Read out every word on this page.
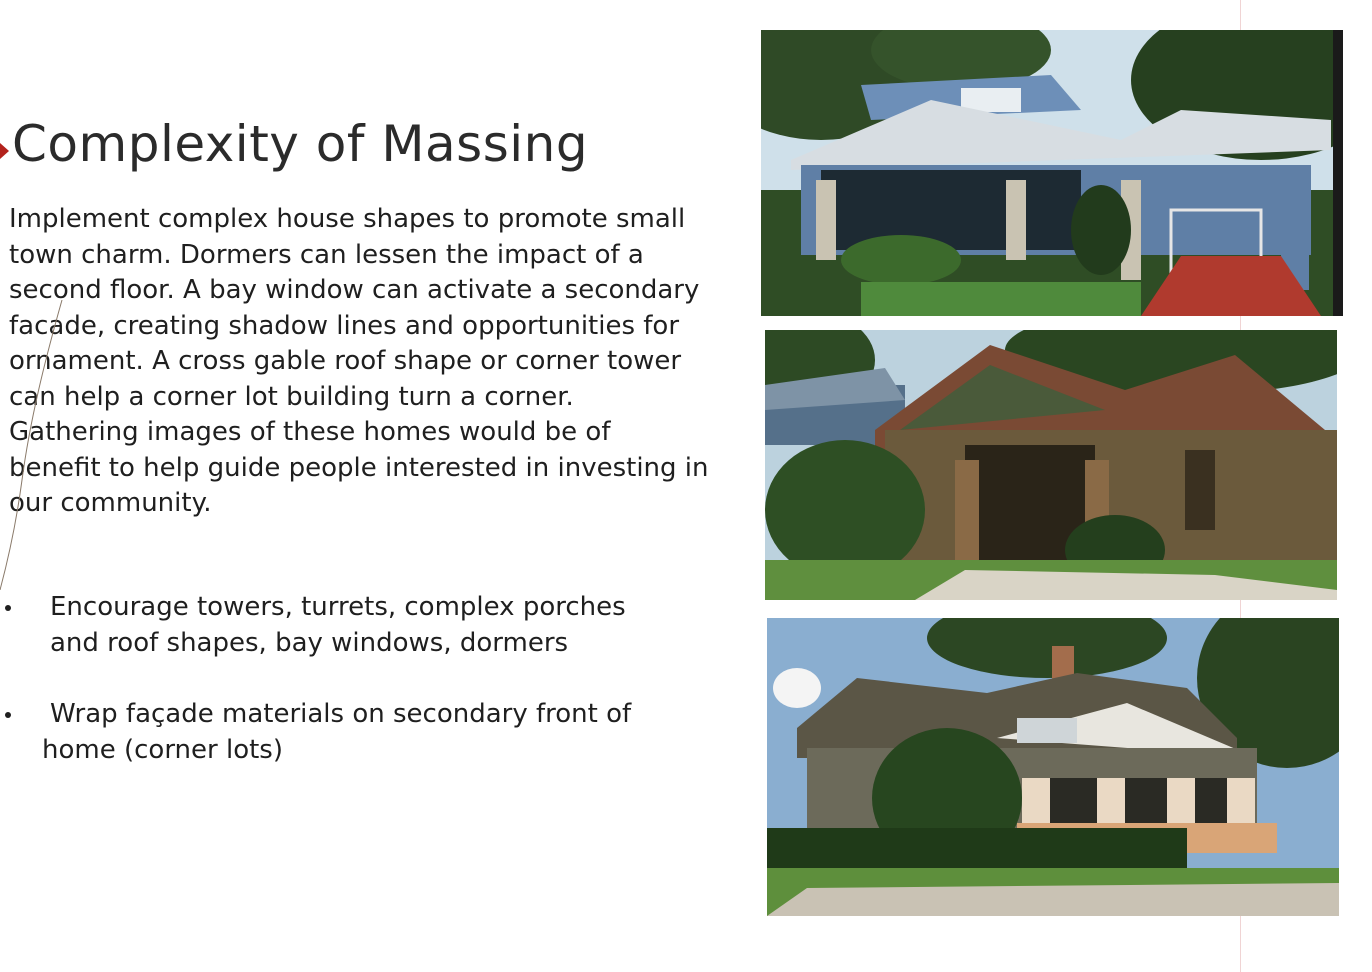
Complexity of Massing

Implement complex house shapes to promote small town charm. Dormers can lessen the impact of a second floor. A bay window can activate a secondary facade, creating shadow lines and opportunities for ornament. A cross gable roof shape or corner tower can help a corner lot building turn a corner. Gathering images of these homes would be of benefit to help guide people interested in investing in our community.

Encourage towers, turrets, complex porches
and roof shapes, bay windows, dormers
Wrap façade materials on secondary front of
home (corner lots)
